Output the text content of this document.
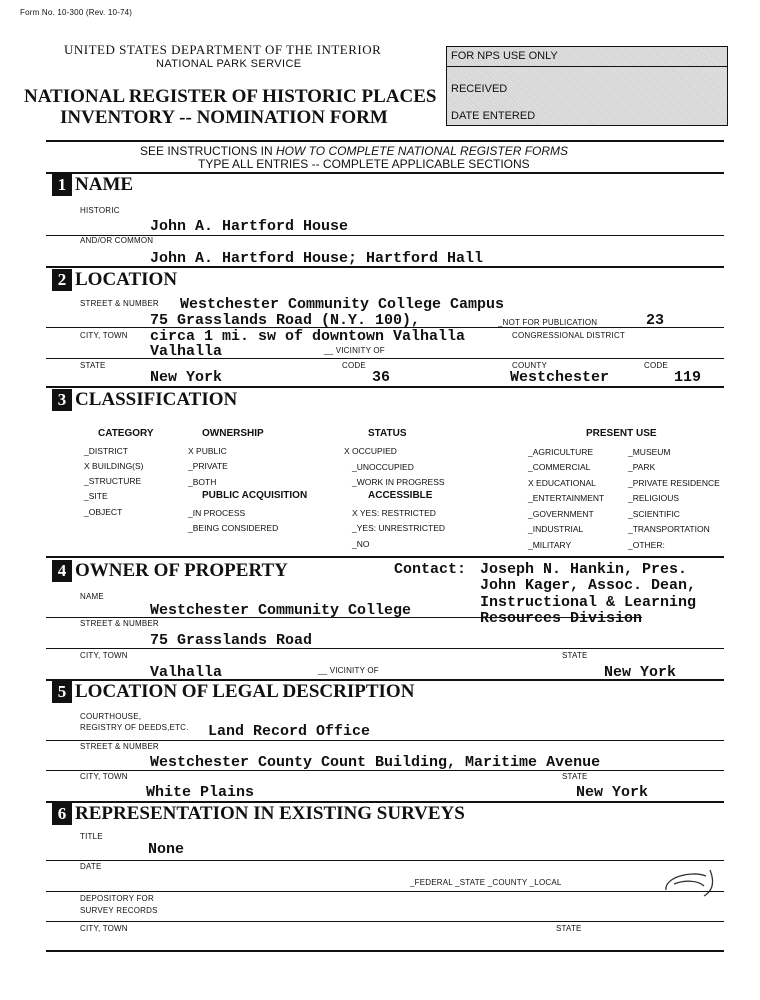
Form No. 10-300 (Rev. 10-74)
UNITED STATES DEPARTMENT OF THE INTERIOR
NATIONAL PARK SERVICE
NATIONAL REGISTER OF HISTORIC PLACES
INVENTORY -- NOMINATION FORM
FOR NPS USE ONLY
RECEIVED
DATE ENTERED
SEE INSTRUCTIONS IN HOW TO COMPLETE NATIONAL REGISTER FORMS
TYPE ALL ENTRIES -- COMPLETE APPLICABLE SECTIONS
1 NAME
HISTORIC
John A. Hartford House
AND/OR COMMON
John A. Hartford House; Hartford Hall
2 LOCATION
STREET & NUMBER Westchester Community College Campus
75 Grasslands Road (N.Y. 100),	_NOT FOR PUBLICATION	23
CITY, TOWN circa 1 mi. sw of downtown Valhalla	CONGRESSIONAL DISTRICT
Valhalla	__ VICINITY OF
STATE	CODE	COUNTY	CODE
New York	36	Westchester	119
3 CLASSIFICATION
CATEGORY
_DISTRICT
X BUILDING(S)
_STRUCTURE
_SITE
_OBJECT
OWNERSHIP
X PUBLIC
_PRIVATE
_BOTH
PUBLIC ACQUISITION
_IN PROCESS
_BEING CONSIDERED
STATUS
X OCCUPIED
_UNOCCUPIED
_WORK IN PROGRESS
ACCESSIBLE
X YES: RESTRICTED
_YES: UNRESTRICTED
_NO
PRESENT USE
_AGRICULTURE
_COMMERCIAL
X EDUCATIONAL
_ENTERTAINMENT
_GOVERNMENT
_INDUSTRIAL
_MILITARY
_MUSEUM
_PARK
_PRIVATE RESIDENCE
_RELIGIOUS
_SCIENTIFIC
_TRANSPORTATION
_OTHER:
4 OWNER OF PROPERTY	Contact: Joseph N. Hankin, Pres.
John Kager, Assoc. Dean,
Instructional & Learning
Resources Division
NAME
Westchester Community College
STREET & NUMBER
75 Grasslands Road
CITY, TOWN	STATE
Valhalla	__ VICINITY OF	New York
5 LOCATION OF LEGAL DESCRIPTION
COURTHOUSE,
REGISTRY OF DEEDS,ETC. Land Record Office
STREET & NUMBER
Westchester County Count Building, Maritime Avenue
CITY, TOWN	STATE
White Plains	New York
6 REPRESENTATION IN EXISTING SURVEYS
TITLE
None
DATE
_FEDERAL _STATE _COUNTY _LOCAL
DEPOSITORY FOR
SURVEY RECORDS
CITY, TOWN	STATE
